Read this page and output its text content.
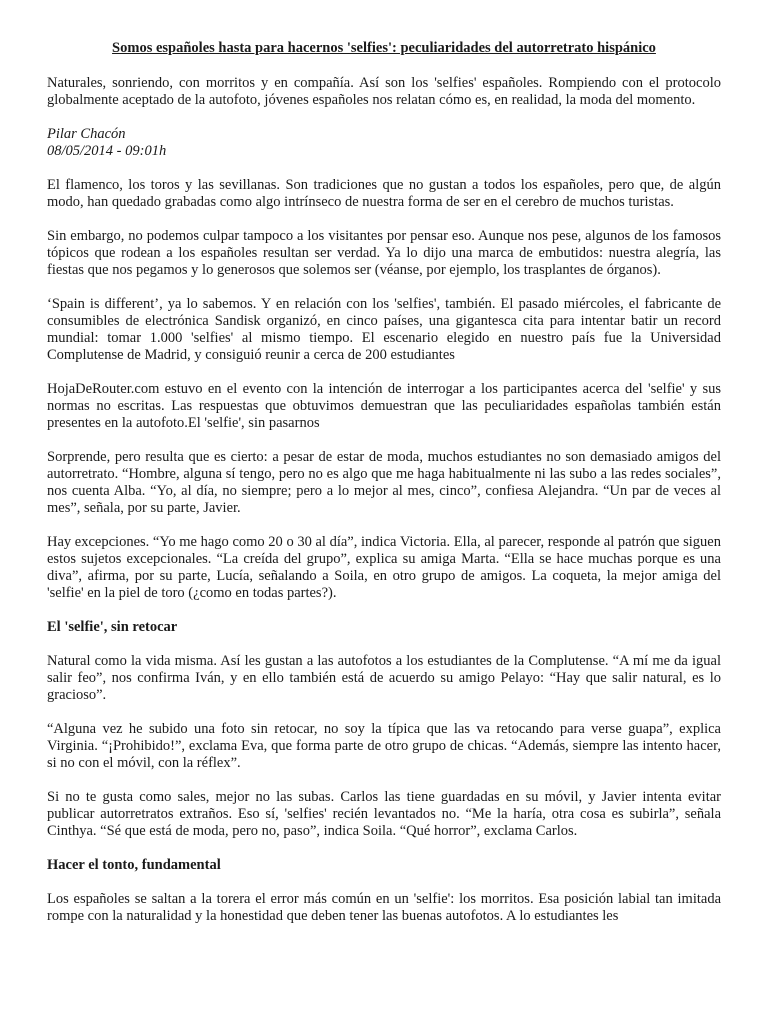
Somos españoles hasta para hacernos 'selfies': peculiaridades del autorretrato hispánico

Naturales, sonriendo, con morritos y en compañía. Así son los 'selfies' españoles. Rompiendo con el protocolo globalmente aceptado de la autofoto, jóvenes españoles nos relatan cómo es, en realidad, la moda del momento.

Pilar Chacón
08/05/2014 - 09:01h

El flamenco, los toros y las sevillanas. Son tradiciones que no gustan a todos los españoles, pero que, de algún modo, han quedado grabadas como algo intrínseco de nuestra forma de ser en el cerebro de muchos turistas.

Sin embargo, no podemos culpar tampoco a los visitantes por pensar eso. Aunque nos pese, algunos de los famosos tópicos que rodean a los españoles resultan ser verdad. Ya lo dijo una marca de embutidos: nuestra alegría, las fiestas que nos pegamos y lo generosos que solemos ser (véanse, por ejemplo, los trasplantes de órganos).

‘Spain is different’, ya lo sabemos. Y en relación con los 'selfies', también. El pasado miércoles, el fabricante de consumibles de electrónica Sandisk organizó, en cinco países, una gigantesca cita para intentar batir un record mundial: tomar 1.000 'selfies' al mismo tiempo. El escenario elegido en nuestro país fue la Universidad Complutense de Madrid, y consiguió reunir a cerca de 200 estudiantes

HojaDeRouter.com estuvo en el evento con la intención de interrogar a los participantes acerca del 'selfie' y sus normas no escritas. Las respuestas que obtuvimos demuestran que las peculiaridades españolas también están presentes en la autofoto.El 'selfie', sin pasarnos

Sorprende, pero resulta que es cierto: a pesar de estar de moda, muchos estudiantes no son demasiado amigos del autorretrato. “Hombre, alguna sí tengo, pero no es algo que me haga habitualmente ni las subo a las redes sociales”, nos cuenta Alba. “Yo, al día, no siempre; pero a lo mejor al mes, cinco”, confiesa Alejandra. “Un par de veces al mes”, señala, por su parte, Javier.

Hay excepciones. “Yo me hago como 20 o 30 al día”, indica Victoria. Ella, al parecer, responde al patrón que siguen estos sujetos excepcionales. “La creída del grupo”, explica su amiga Marta. “Ella se hace muchas porque es una diva”, afirma, por su parte, Lucía, señalando a Soila, en otro grupo de amigos. La coqueta, la mejor amiga del 'selfie' en la piel de toro (¿como en todas partes?).

El 'selfie', sin retocar

Natural como la vida misma. Así les gustan a las autofotos a los estudiantes de la Complutense. “A mí me da igual salir feo”, nos confirma Iván, y en ello también está de acuerdo su amigo Pelayo: “Hay que salir natural, es lo gracioso”.

“Alguna vez he subido una foto sin retocar, no soy la típica que las va retocando para verse guapa”, explica Virginia. “¡Prohibido!”, exclama Eva, que forma parte de otro grupo de chicas. “Además, siempre las intento hacer, si no con el móvil, con la réflex”.

Si no te gusta como sales, mejor no las subas. Carlos las tiene guardadas en su móvil, y Javier intenta evitar publicar autorretratos extraños. Eso sí, 'selfies' recién levantados no. “Me la haría, otra cosa es subirla”, señala Cinthya. “Sé que está de moda, pero no, paso”, indica Soila. “Qué horror”, exclama Carlos.

Hacer el tonto, fundamental

Los españoles se saltan a la torera el error más común en un 'selfie': los morritos. Esa posición labial tan imitada rompe con la naturalidad y la honestidad que deben tener las buenas autofotos. A lo estudiantes les
